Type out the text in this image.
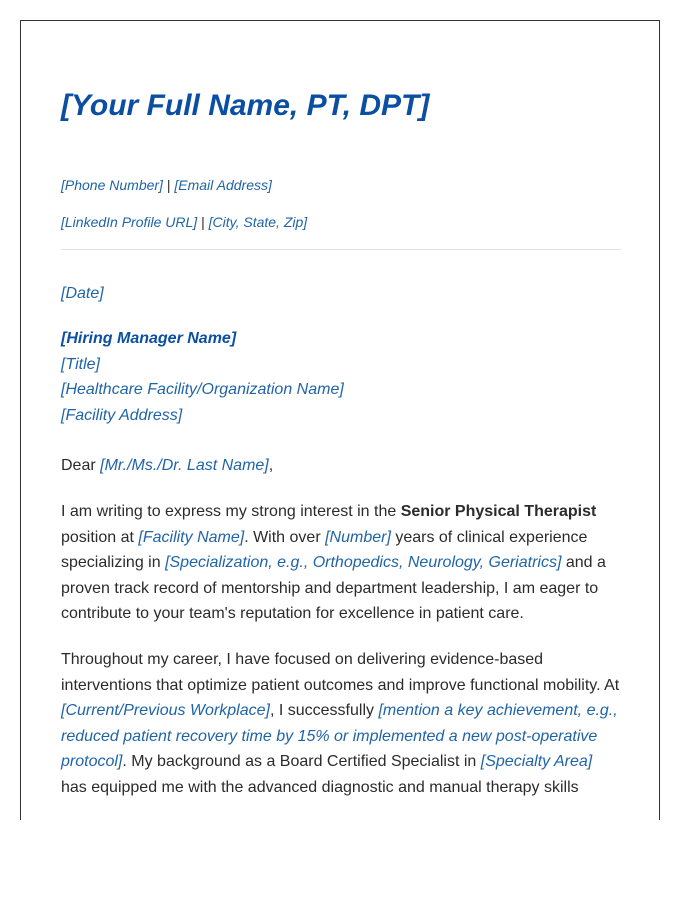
[Your Full Name, PT, DPT]
[Phone Number] | [Email Address]
[LinkedIn Profile URL] | [City, State, Zip]
[Date]
[Hiring Manager Name]
[Title]
[Healthcare Facility/Organization Name]
[Facility Address]
Dear [Mr./Ms./Dr. Last Name],

I am writing to express my strong interest in the Senior Physical Therapist position at [Facility Name]. With over [Number] years of clinical experience specializing in [Specialization, e.g., Orthopedics, Neurology, Geriatrics] and a proven track record of mentorship and department leadership, I am eager to contribute to your team's reputation for excellence in patient care.

Throughout my career, I have focused on delivering evidence-based interventions that optimize patient outcomes and improve functional mobility. At [Current/Previous Workplace], I successfully [mention a key achievement, e.g., reduced patient recovery time by 15% or implemented a new post-operative protocol]. My background as a Board Certified Specialist in [Specialty Area] has equipped me with the advanced diagnostic and manual therapy skills
